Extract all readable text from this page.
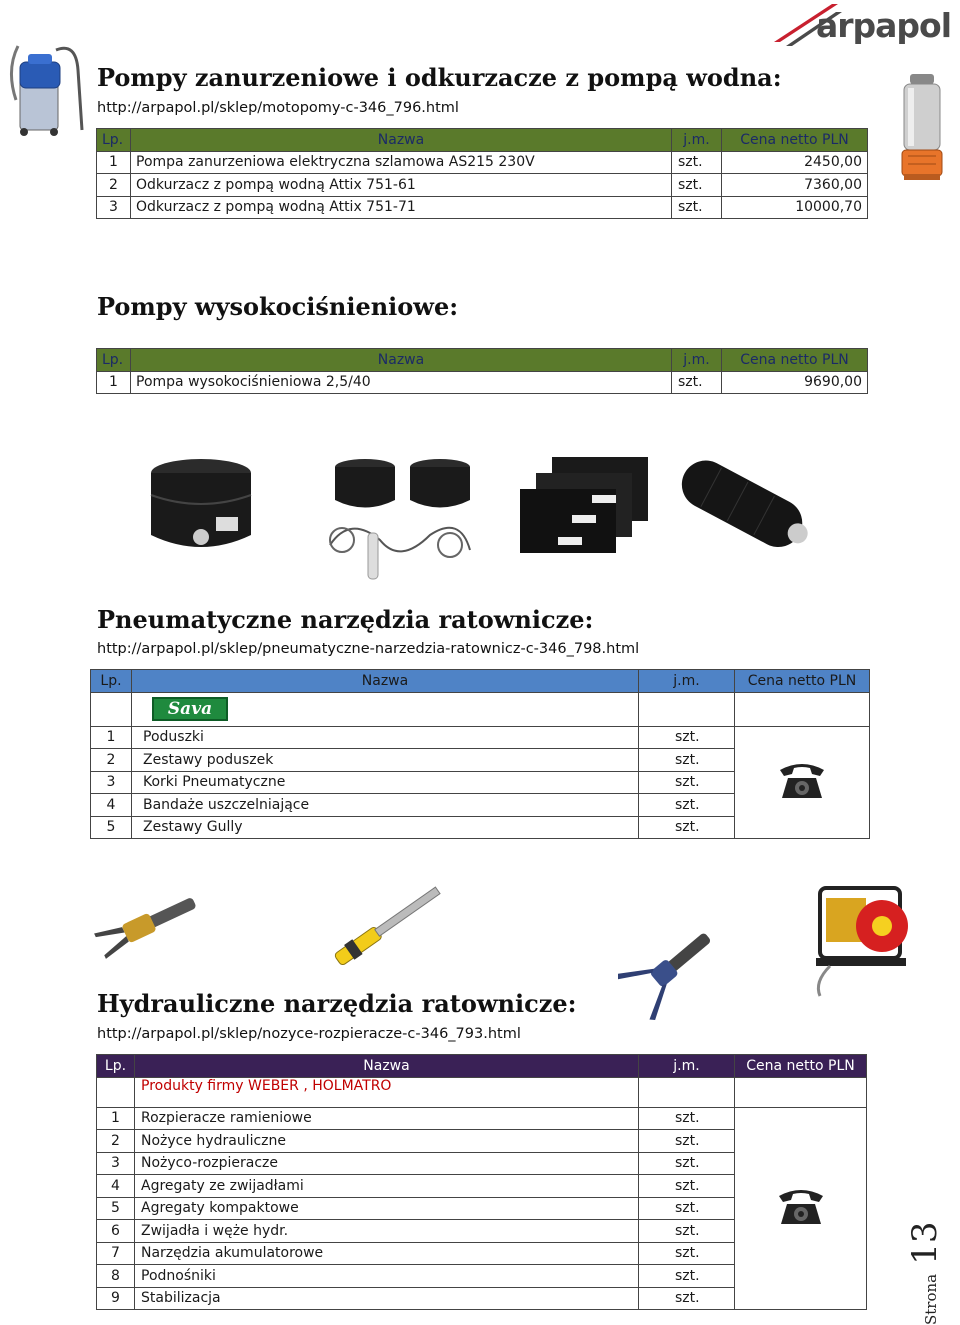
arpapol
Pompy zanurzeniowe i odkurzacze z pompą wodna:
http://arpapol.pl/sklep/motopomy-c-346_796.html
Lp.	Nazwa	j.m.	Cena netto PLN
1	Pompa zanurzeniowa elektryczna szlamowa AS215 230V	szt.	2450,00
2	Odkurzacz z pompą wodną Attix 751-61	szt.	7360,00
3	Odkurzacz z pompą wodną Attix 751-71	szt.	10000,70
Pompy wysokociśnieniowe:
Lp.	Nazwa	j.m.	Cena netto PLN
1	Pompa wysokociśnieniowa 2,5/40	szt.	9690,00
Pneumatyczne narzędzia ratownicze:
http://arpapol.pl/sklep/pneumatyczne-narzedzia-ratownicz-c-346_798.html
Lp.	Nazwa	j.m.	Cena netto PLN
	Sava		
1	Poduszki	szt.	
2	Zestawy poduszek	szt.	
3	Korki Pneumatyczne	szt.	
4	Bandaże uszczelniające	szt.	
5	Zestawy Gully	szt.	
Hydrauliczne narzędzia ratownicze:
http://arpapol.pl/sklep/nozyce-rozpieracze-c-346_793.html
Lp.	Nazwa	j.m.	Cena netto PLN
	Produkty firmy WEBER , HOLMATRO		
1	Rozpieracze ramieniowe	szt.	
2	Nożyce hydrauliczne	szt.	
3	Nożyco-rozpieracze	szt.	
4	Agregaty ze zwijadłami	szt.	
5	Agregaty kompaktowe	szt.	
6	Zwijadła i węże hydr.	szt.	
7	Narzędzia akumulatorowe	szt.	
8	Podnośniki	szt.	
9	Stabilizacja	szt.		Strona 13
